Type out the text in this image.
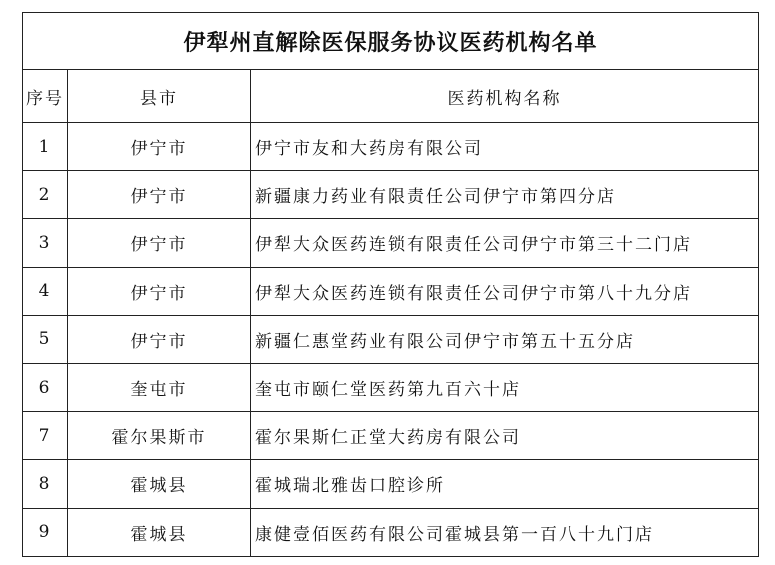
伊犁州直解除医保服务协议医药机构名单
序号	县市	医药机构名称
1	伊宁市	伊宁市友和大药房有限公司
2	伊宁市	新疆康力药业有限责任公司伊宁市第四分店
3	伊宁市	伊犁大众医药连锁有限责任公司伊宁市第三十二门店
4	伊宁市	伊犁大众医药连锁有限责任公司伊宁市第八十九分店
5	伊宁市	新疆仁惠堂药业有限公司伊宁市第五十五分店
6	奎屯市	奎屯市颐仁堂医药第九百六十店
7	霍尔果斯市	霍尔果斯仁正堂大药房有限公司
8	霍城县	霍城瑞北雅齿口腔诊所
9	霍城县	康健壹佰医药有限公司霍城县第一百八十九门店
